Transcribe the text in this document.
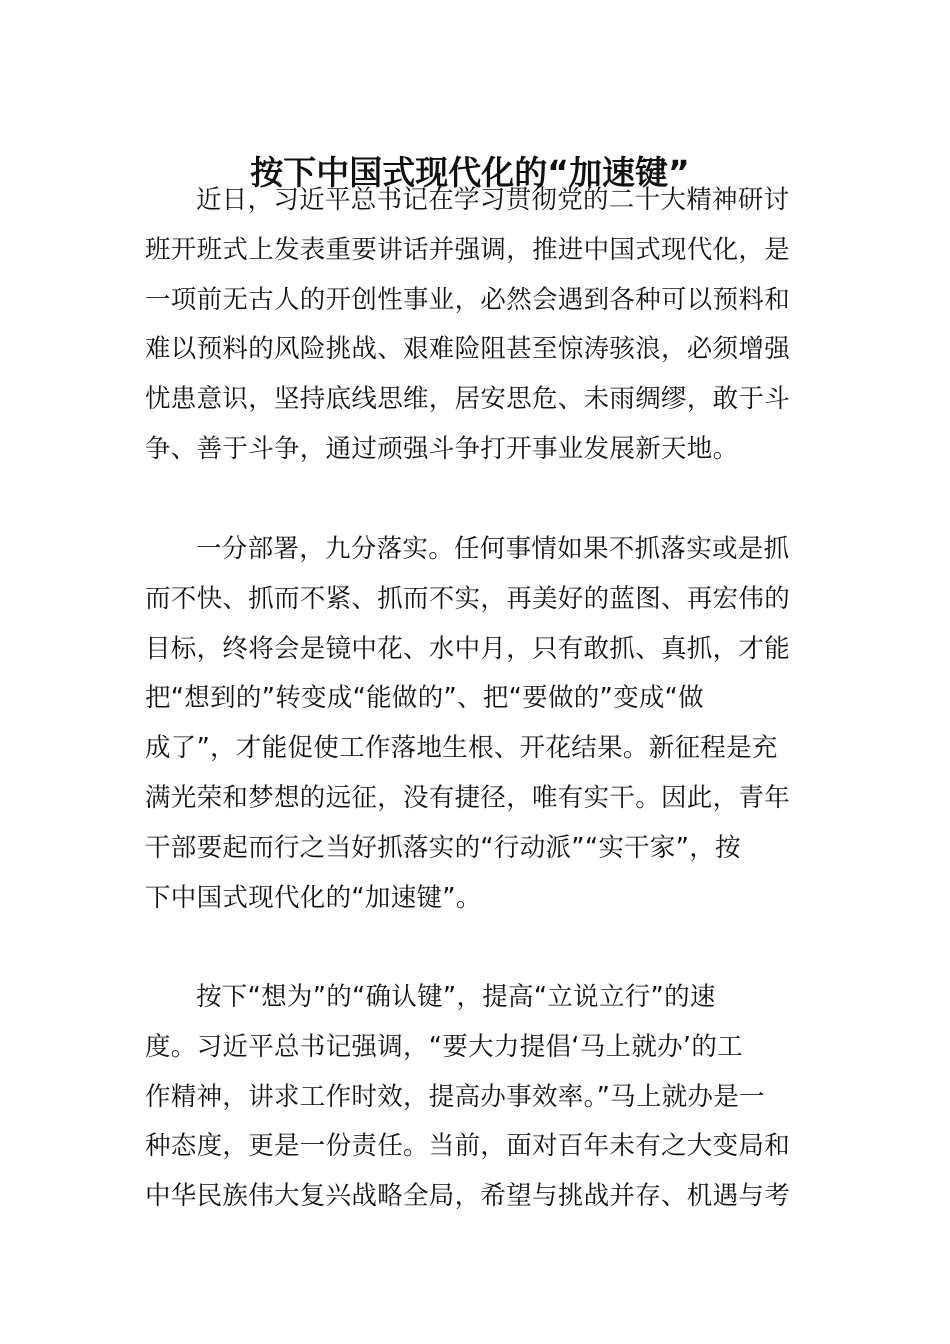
按下中国式现代化的“加速键”
近日，习近平总书记在学习贯彻党的二十大精神研讨
班开班式上发表重要讲话并强调，推进中国式现代化，是
一项前无古人的开创性事业，必然会遇到各种可以预料和
难以预料的风险挑战、艰难险阻甚至惊涛骇浪，必须增强
忧患意识，坚持底线思维，居安思危、未雨绸缪，敢于斗
争、善于斗争，通过顽强斗争打开事业发展新天地。
一分部署，九分落实。任何事情如果不抓落实或是抓
而不快、抓而不紧、抓而不实，再美好的蓝图、再宏伟的
目标，终将会是镜中花、水中月，只有敢抓、真抓，才能
把“想到的”转变成“能做的”、把“要做的”变成“做
成了”，才能促使工作落地生根、开花结果。新征程是充
满光荣和梦想的远征，没有捷径，唯有实干。因此，青年
干部要起而行之当好抓落实的“行动派”“实干家”，按
下中国式现代化的“加速键”。
按下“想为”的“确认键”，提高“立说立行”的速
度。习近平总书记强调，“要大力提倡‘马上就办’的工
作精神，讲求工作时效，提高办事效率。”马上就办是一
种态度，更是一份责任。当前，面对百年未有之大变局和
中华民族伟大复兴战略全局，希望与挑战并存、机遇与考
